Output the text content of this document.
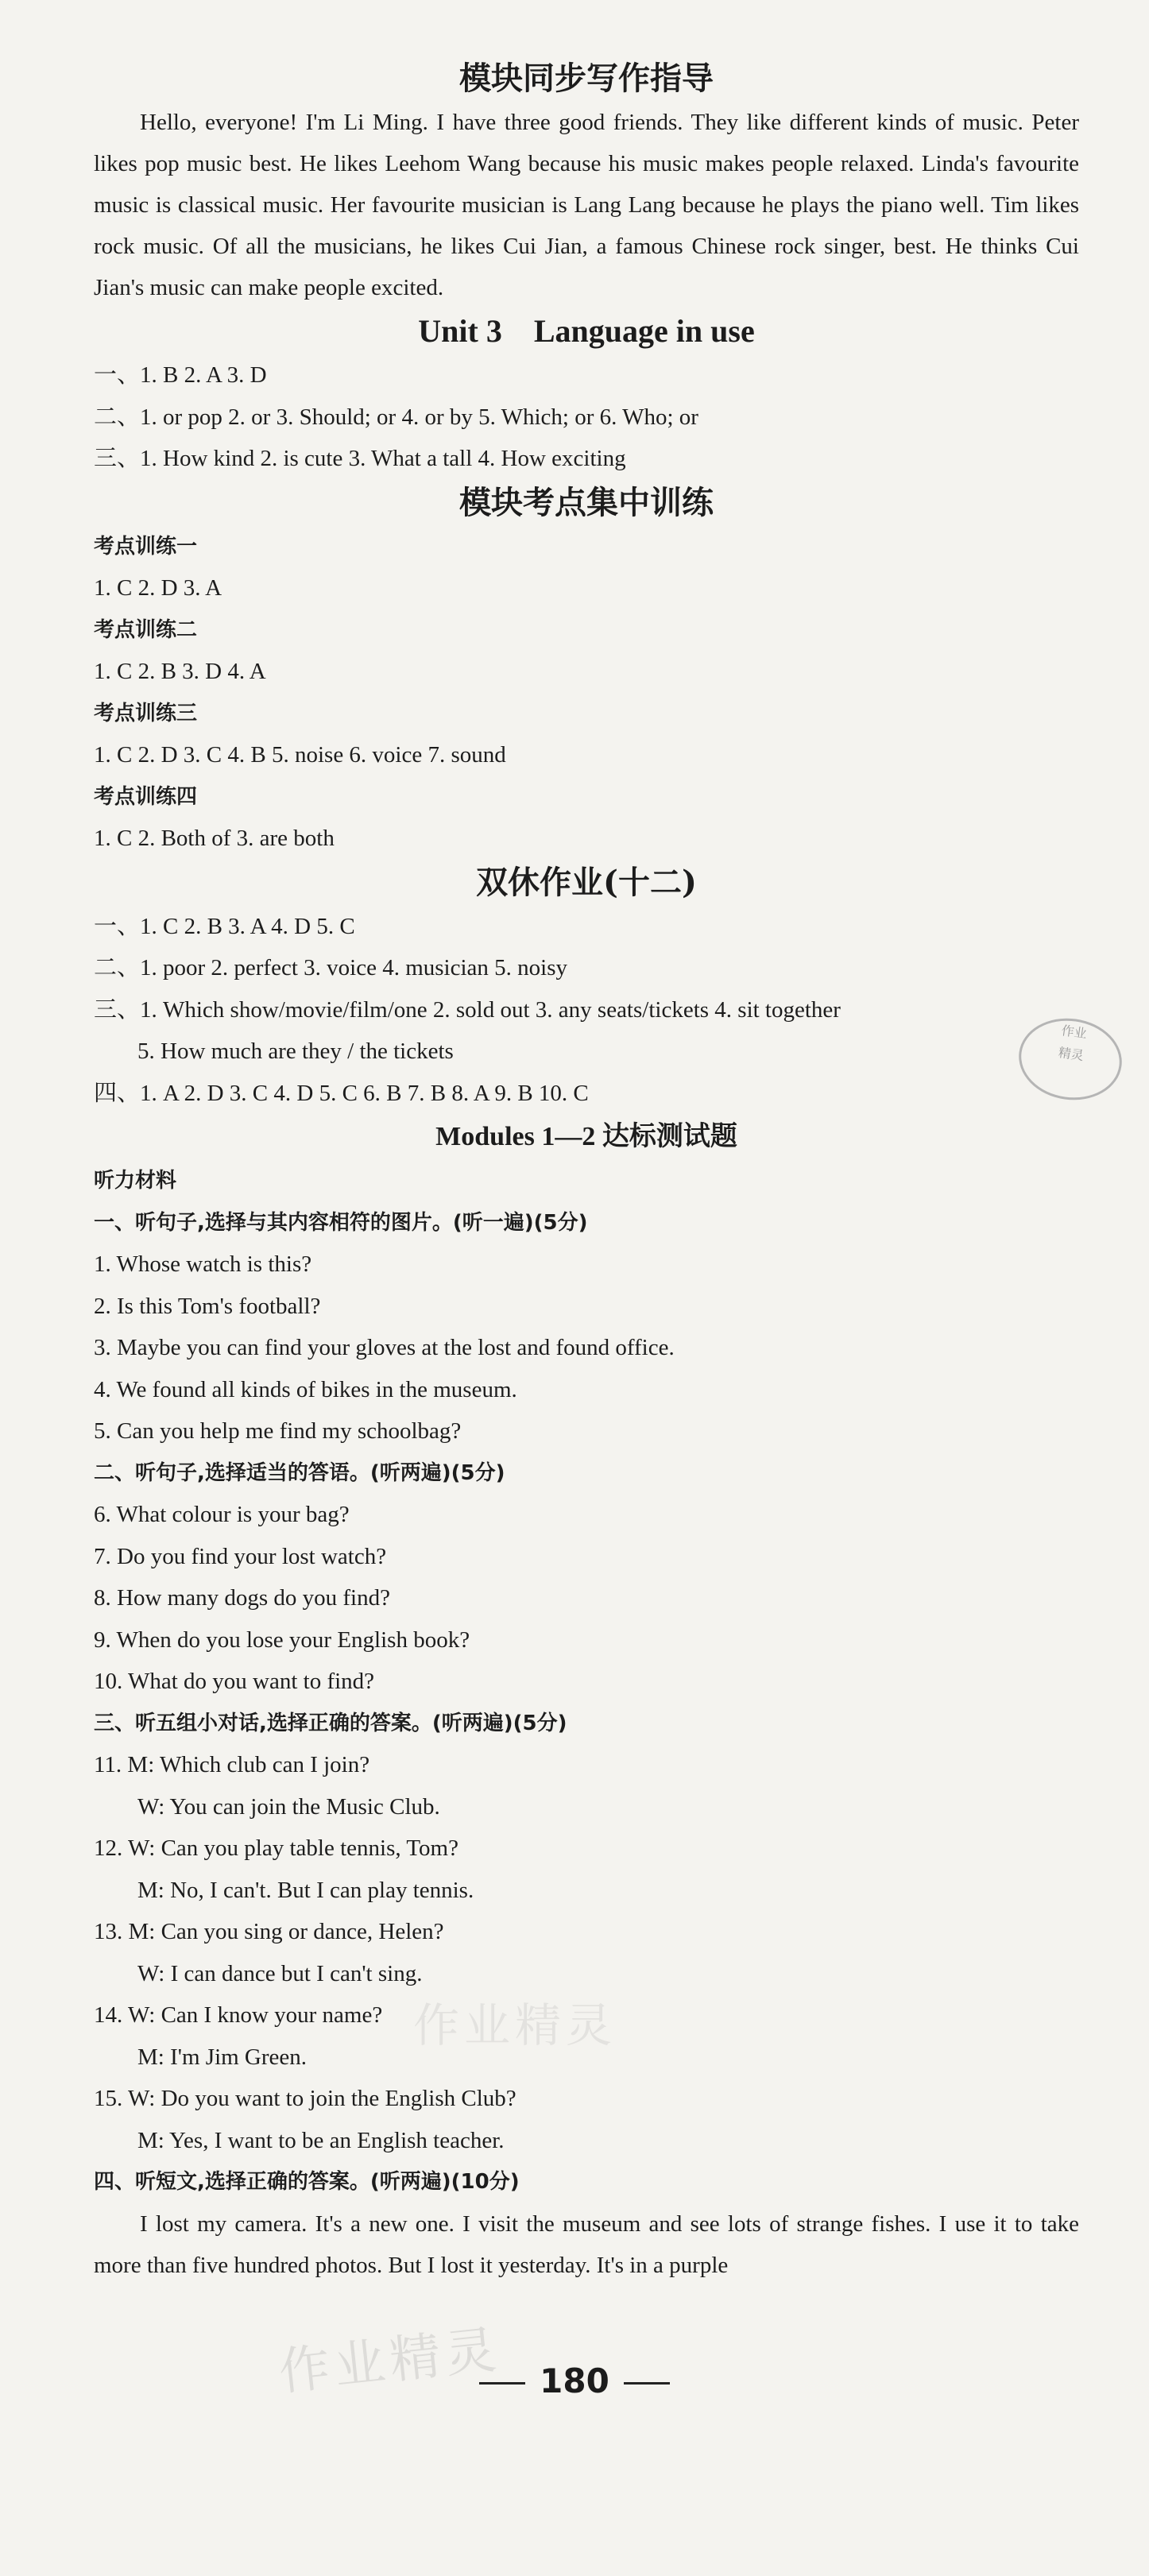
模块同步写作指导

Hello, everyone! I'm Li Ming. I have three good friends. They like different kinds of music. Peter likes pop music best. He likes Leehom Wang because his music makes people relaxed. Linda's favourite music is classical music. Her favourite musician is Lang Lang because he plays the piano well. Tim likes rock music. Of all the musicians, he likes Cui Jian, a famous Chinese rock singer, best. He thinks Cui Jian's music can make people excited.

Unit 3    Language in use

一、1. B 2. A 3. D

二、1. or pop 2. or 3. Should; or 4. or by 5. Which; or 6. Who; or

三、1. How kind 2. is cute 3. What a tall 4. How exciting

模块考点集中训练

考点训练一

1. C 2. D 3. A

考点训练二

1. C 2. B 3. D 4. A

考点训练三

1. C 2. D 3. C 4. B 5. noise 6. voice 7. sound

考点训练四

1. C 2. Both of 3. are both

双休作业(十二)

一、1. C 2. B 3. A 4. D 5. C

二、1. poor 2. perfect 3. voice 4. musician 5. noisy

三、1. Which show/movie/film/one 2. sold out 3. any seats/tickets 4. sit together

5. How much are they / the tickets

四、1. A 2. D 3. C 4. D 5. C 6. B 7. B 8. A 9. B 10. C

Modules 1—2 达标测试题

听力材料

一、听句子,选择与其内容相符的图片。(听一遍)(5分)

1. Whose watch is this?

2. Is this Tom's football?

3. Maybe you can find your gloves at the lost and found office.

4. We found all kinds of bikes in the museum.

5. Can you help me find my schoolbag?

二、听句子,选择适当的答语。(听两遍)(5分)

6. What colour is your bag?

7. Do you find your lost watch?

8. How many dogs do you find?

9. When do you lose your English book?

10. What do you want to find?

三、听五组小对话,选择正确的答案。(听两遍)(5分)

11. M: Which club can I join?

W: You can join the Music Club.

12. W: Can you play table tennis, Tom?

M: No, I can't. But I can play tennis.

13. M: Can you sing or dance, Helen?

W: I can dance but I can't sing.

14. W: Can I know your name?

M: I'm Jim Green.

15. W: Do you want to join the English Club?

M: Yes, I want to be an English teacher.

四、听短文,选择正确的答案。(听两遍)(10分)

I lost my camera. It's a new one. I visit the museum and see lots of strange fishes. I use it to take more than five hundred photos. But I lost it yesterday. It's in a purple

作业
精灵
作业精灵
作业精灵	180
